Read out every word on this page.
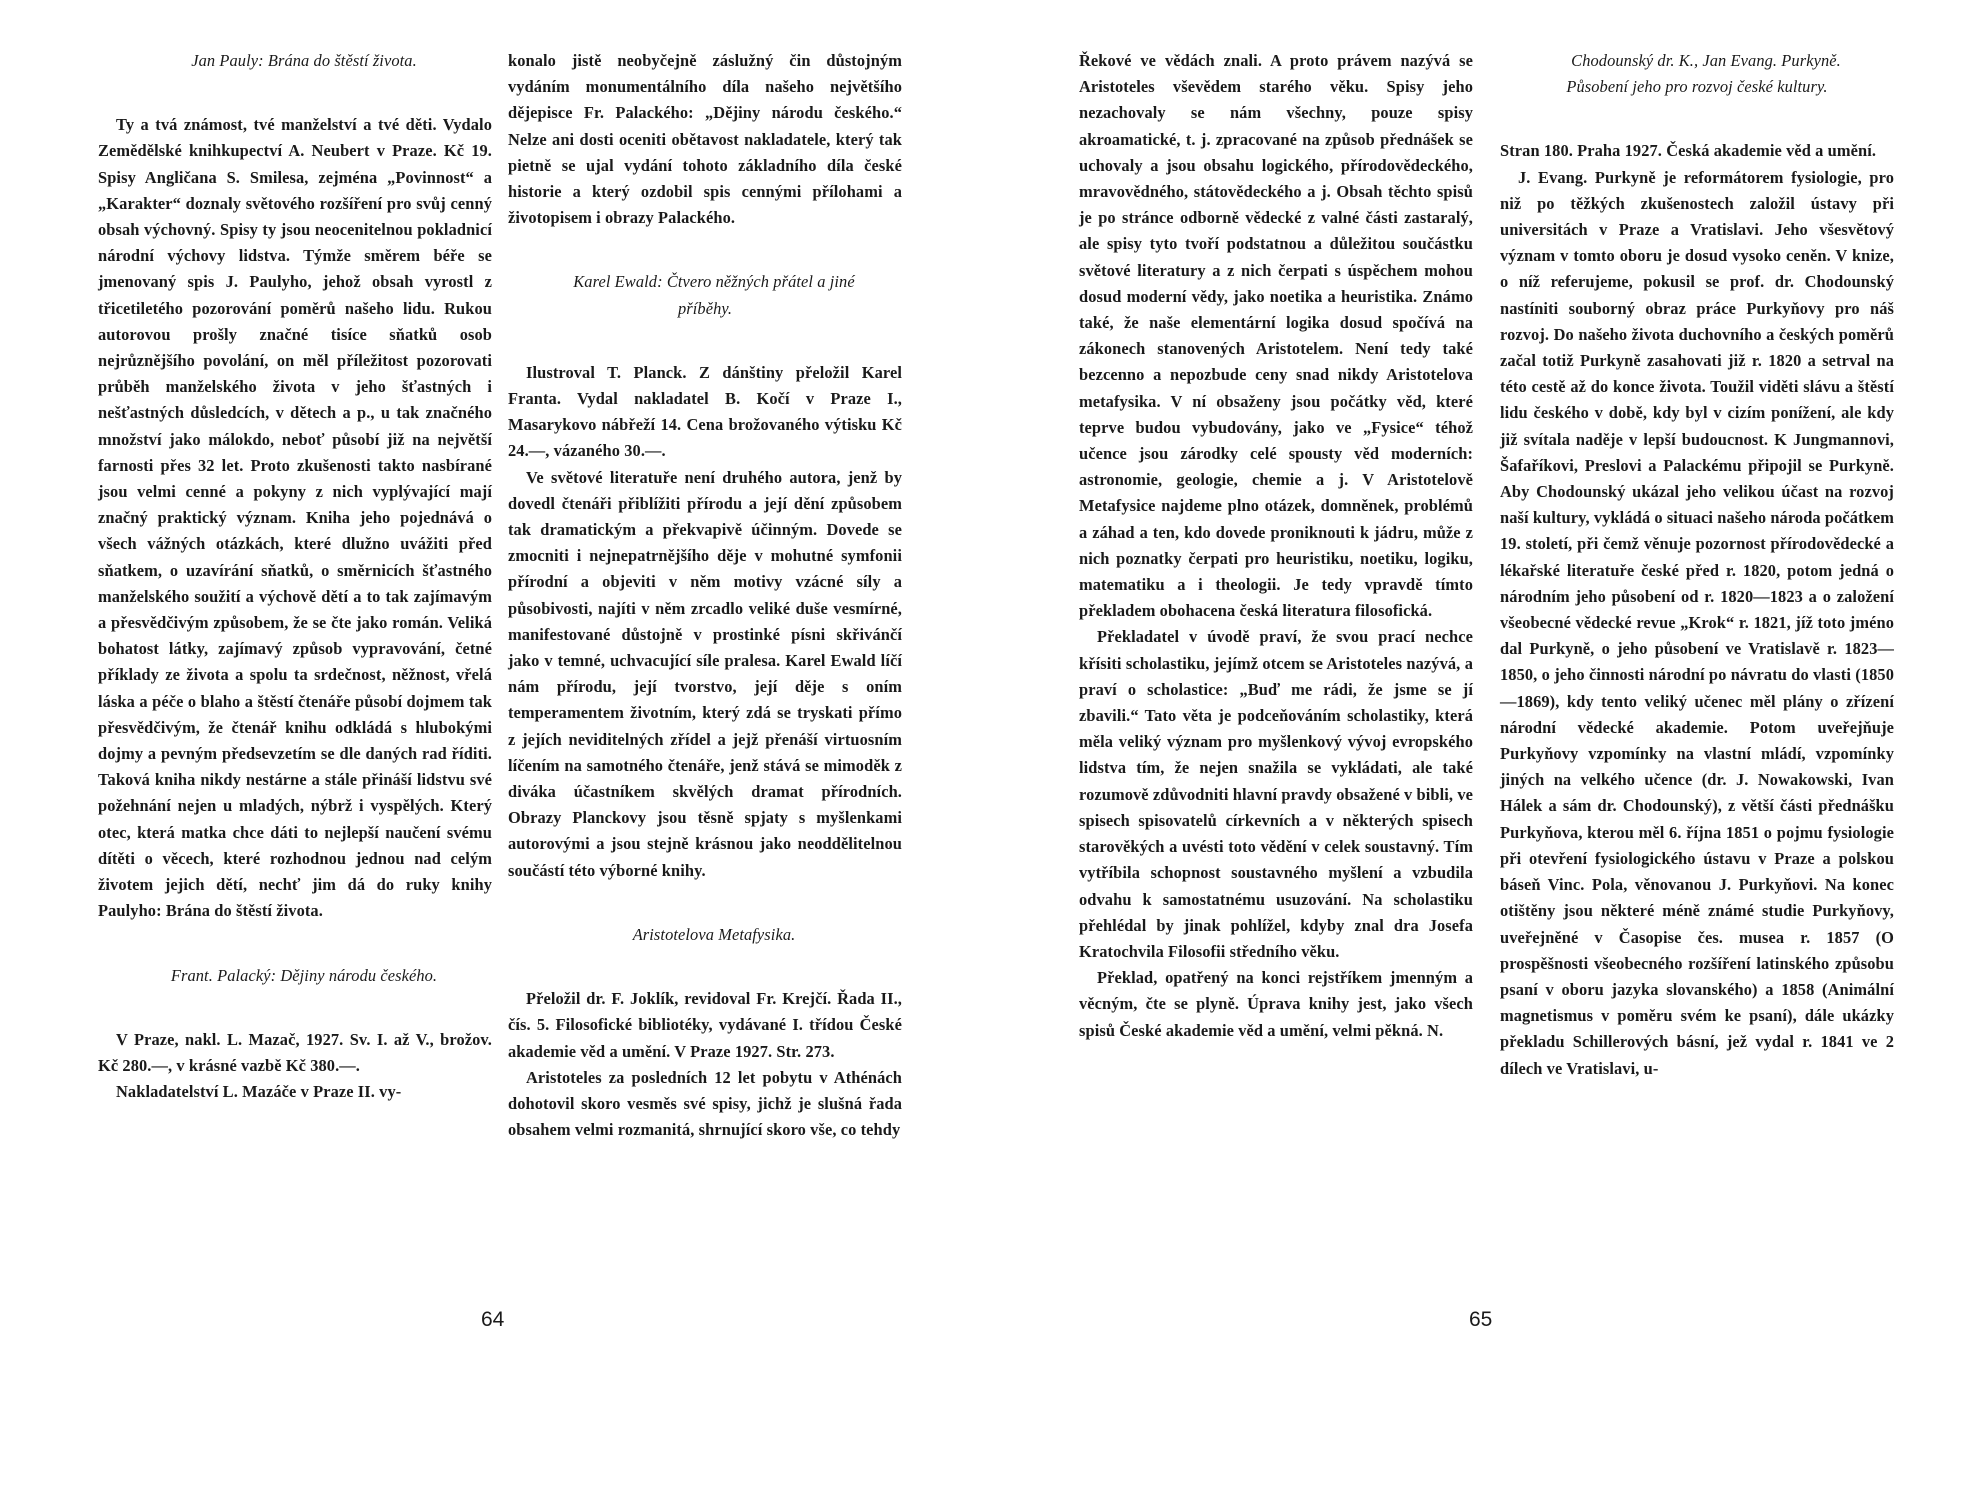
Jan Pauly: Brána do štěstí života.

Ty a tvá známost, tvé manželství a tvé děti. Vydalo Zemědělské knihkupectví A. Neubert v Praze. Kč 19. Spisy Angličana S. Smilesa, zejména „Povinnost“ a „Karakter“ doznaly světového rozšíření pro svůj cenný obsah výchovný. Spisy ty jsou neocenitelnou pokladnicí národní výchovy lidstva. Týmže směrem béře se jmenovaný spis J. Paulyho, jehož obsah vyrostl z třicetiletého pozorování poměrů našeho lidu. Rukou autorovou prošly značné tisíce sňatků osob nejrůznějšího povolání, on měl příležitost pozorovati průběh manželského života v jeho šťastných i nešťastných důsledcích, v dětech a p., u tak značného množství jako málokdo, neboť působí již na největší farnosti přes 32 let. Proto zkušenosti takto nasbírané jsou velmi cenné a pokyny z nich vyplývající mají značný praktický význam. Kniha jeho pojednává o všech vážných otázkách, které dlužno uvážiti před sňatkem, o uzavírání sňatků, o směrnicích šťastného manželského soužití a výchově dětí a to tak zajímavým a přesvědčivým způsobem, že se čte jako román. Veliká bohatost látky, zajímavý způsob vypravování, četné příklady ze života a spolu ta srdečnost, něžnost, vřelá láska a péče o blaho a štěstí čtenáře působí dojmem tak přesvědčivým, že čtenář knihu odkládá s hlubokými dojmy a pevným předsevzetím se dle daných rad říditi. Taková kniha nikdy nestárne a stále přináší lidstvu své požehnání nejen u mladých, nýbrž i vyspělých. Který otec, která matka chce dáti to nejlepší naučení svému dítěti o věcech, které rozhodnou jednou nad celým životem jejich dětí, nechť jim dá do ruky knihy Paulyho: Brána do štěstí života.

Frant. Palacký: Dějiny národu českého.

V Praze, nakl. L. Mazač, 1927. Sv. I. až V., brožov. Kč 280.—, v krásné vazbě Kč 380.—.

Nakladatelství L. Mazáče v Praze II. vy-

konalo jistě neobyčejně záslužný čin důstojným vydáním monumentálního díla našeho největšího dějepisce Fr. Palackého: „Dějiny národu českého.“ Nelze ani dosti oceniti obětavost nakladatele, který tak pietně se ujal vydání tohoto základního díla české historie a který ozdobil spis cennými přílohami a životopisem i obrazy Palackého.

Karel Ewald: Čtvero něžných přátel a jiné
příběhy.

Ilustroval T. Planck. Z dánštiny přeložil Karel Franta. Vydal nakladatel B. Kočí v Praze I., Masarykovo nábřeží 14. Cena brožovaného výtisku Kč 24.—, vázaného 30.—.

Ve světové literatuře není druhého autora, jenž by dovedl čtenáři přiblížiti přírodu a její dění způsobem tak dramatickým a překvapivě účinným. Dovede se zmocniti i nejnepatrnějšího děje v mohutné symfonii přírodní a objeviti v něm motivy vzácné síly a působivosti, najíti v něm zrcadlo veliké duše vesmírné, manifestované důstojně v prostinké písni skřivánčí jako v temné, uchvacující síle pralesa. Karel Ewald líčí nám přírodu, její tvorstvo, její děje s oním temperamentem životním, který zdá se tryskati přímo z jejích neviditelných zřídel a jejž přenáší virtuosním líčením na samotného čtenáře, jenž stává se mimoděk z diváka účastníkem skvělých dramat přírodních. Obrazy Planckovy jsou těsně spjaty s myšlenkami autorovými a jsou stejně krásnou jako neoddělitelnou součástí této výborné knihy.

Aristotelova Metafysika.

Přeložil dr. F. Joklík, revidoval Fr. Krejčí. Řada II., čís. 5. Filosofické bibliotéky, vydávané I. třídou České akademie věd a umění. V Praze 1927. Str. 273.

Aristoteles za posledních 12 let pobytu v Athénách dohotovil skoro vesměs své spisy, jichž je slušná řada obsahem velmi rozmanitá, shrnující skoro vše, co tehdy

64

Řekové ve vědách znali. A proto právem nazývá se Aristoteles vševědem starého věku. Spisy jeho nezachovaly se nám všechny, pouze spisy akroamatické, t. j. zpracované na způsob přednášek se uchovaly a jsou obsahu logického, přírodovědeckého, mravovědného, státovědeckého a j. Obsah těchto spisů je po stránce odborně vědecké z valné části zastaralý, ale spisy tyto tvoří podstatnou a důležitou součástku světové literatury a z nich čerpati s úspěchem mohou dosud moderní vědy, jako noetika a heuristika. Známo také, že naše elementární logika dosud spočívá na zákonech stanovených Aristotelem. Není tedy také bezcenno a nepozbude ceny snad nikdy Aristotelova metafysika. V ní obsaženy jsou počátky věd, které teprve budou vybudovány, jako ve „Fysice“ téhož učence jsou zárodky celé spousty věd moderních: astronomie, geologie, chemie a j. V Aristotelově Metafysice najdeme plno otázek, domněnek, problémů a záhad a ten, kdo dovede proniknouti k jádru, může z nich poznatky čerpati pro heuristiku, noetiku, logiku, matematiku a i theologii. Je tedy vpravdě tímto překladem obohacena česká literatura filosofická.

Překladatel v úvodě praví, že svou prací nechce křísiti scholastiku, jejímž otcem se Aristoteles nazývá, a praví o scholastice: „Buď me rádi, že jsme se jí zbavili.“ Tato věta je podceňováním scholastiky, která měla veliký význam pro myšlenkový vývoj evropského lidstva tím, že nejen snažila se vykládati, ale také rozumově zdůvodniti hlavní pravdy obsažené v bibli, ve spisech spisovatelů církevních a v některých spisech starověkých a uvésti toto vědění v celek soustavný. Tím vytříbila schopnost soustavného myšlení a vzbudila odvahu k samostatnému usuzování. Na scholastiku přehlédal by jinak pohlížel, kdyby znal dra Josefa Kratochvila Filosofii středního věku.

Překlad, opatřený na konci rejstříkem jmenným a věcným, čte se plyně. Úprava knihy jest, jako všech spisů České akademie věd a umění, velmi pěkná. N.

Chodounský dr. K., Jan Evang. Purkyně.
Působení jeho pro rozvoj české kultury.

Stran 180. Praha 1927. Česká akademie věd a umění.

J. Evang. Purkyně je reformátorem fysiologie, pro niž po těžkých zkušenostech založil ústavy při universitách v Praze a Vratislavi. Jeho všesvětový význam v tomto oboru je dosud vysoko ceněn. V knize, o níž referujeme, pokusil se prof. dr. Chodounský nastíniti souborný obraz práce Purkyňovy pro náš rozvoj. Do našeho života duchovního a českých poměrů začal totiž Purkyně zasahovati již r. 1820 a setrval na této cestě až do konce života. Toužil viděti slávu a štěstí lidu českého v době, kdy byl v cizím ponížení, ale kdy již svítala naděje v lepší budoucnost. K Jungmannovi, Šafaříkovi, Preslovi a Palackému připojil se Purkyně. Aby Chodounský ukázal jeho velikou účast na rozvoj naší kultury, vykládá o situaci našeho národa počátkem 19. století, při čemž věnuje pozornost přírodovědecké a lékařské literatuře české před r. 1820, potom jedná o národním jeho působení od r. 1820—1823 a o založení všeobecné vědecké revue „Krok“ r. 1821, jíž toto jméno dal Purkyně, o jeho působení ve Vratislavě r. 1823—1850, o jeho činnosti národní po návratu do vlasti (1850—1869), kdy tento veliký učenec měl plány o zřízení národní vědecké akademie. Potom uveřejňuje Purkyňovy vzpomínky na vlastní mládí, vzpomínky jiných na velkého učence (dr. J. Nowakowski, Ivan Hálek a sám dr. Chodounský), z větší části přednášku Purkyňova, kterou měl 6. října 1851 o pojmu fysiologie při otevření fysiologického ústavu v Praze a polskou báseň Vinc. Pola, věnovanou J. Purkyňovi. Na konec otištěny jsou některé méně známé studie Purkyňovy, uveřejněné v Časopise čes. musea r. 1857 (O prospěšnosti všeobecného rozšíření latinského způsobu psaní v oboru jazyka slovanského) a 1858 (Animální magnetismus v poměru svém ke psaní), dále ukázky překladu Schillerových básní, jež vydal r. 1841 ve 2 dílech ve Vratislavi, u-

65
